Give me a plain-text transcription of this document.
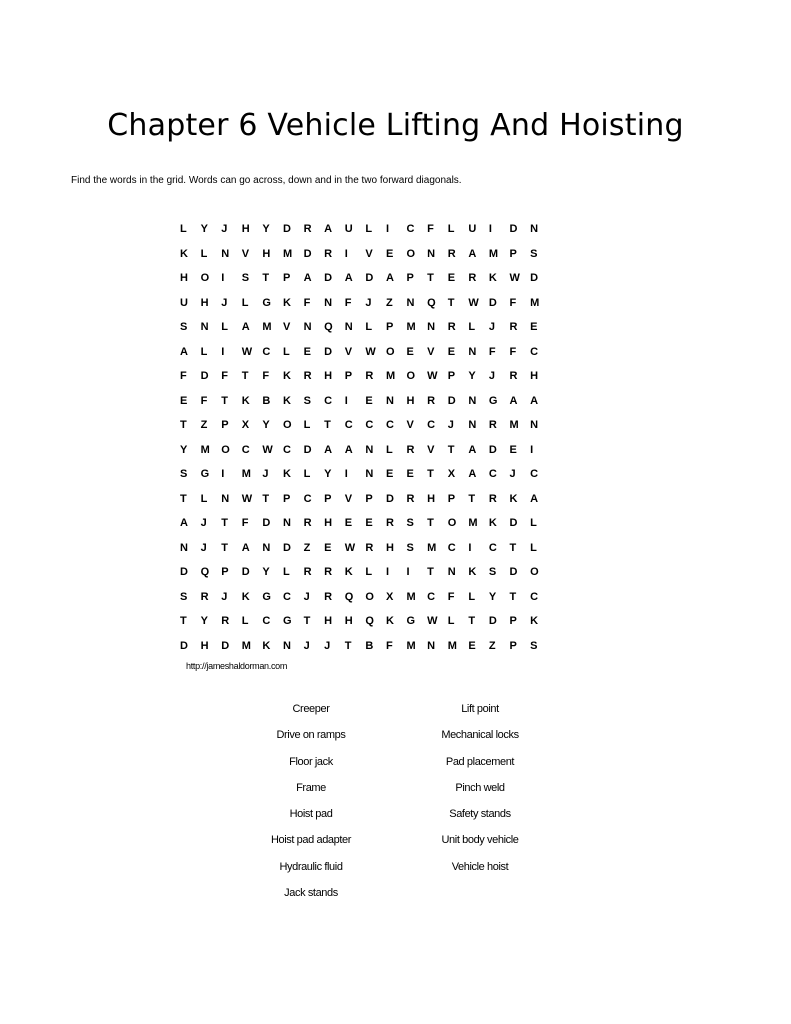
Chapter 6 Vehicle Lifting And Hoisting

Find the words in the grid. Words can go across, down and in the two forward diagonals.

L	Y	J	H	Y	D	R	A	U	L	I	C	F	L	U	I	D	N
K	L	N	V	H	M	D	R	I	V	E	O	N	R	A	M	P	S
H	O	I	S	T	P	A	D	A	D	A	P	T	E	R	K	W	D
U	H	J	L	G	K	F	N	F	J	Z	N	Q	T	W	D	F	M
S	N	L	A	M	V	N	Q	N	L	P	M	N	R	L	J	R	E
A	L	I	W	C	L	E	D	V	W	O	E	V	E	N	F	F	C
F	D	F	T	F	K	R	H	P	R	M	O	W	P	Y	J	R	H
E	F	T	K	B	K	S	C	I	E	N	H	R	D	N	G	A	A
T	Z	P	X	Y	O	L	T	C	C	C	V	C	J	N	R	M	N
Y	M	O	C	W	C	D	A	A	N	L	R	V	T	A	D	E	I
S	G	I	M	J	K	L	Y	I	N	E	E	T	X	A	C	J	C
T	L	N	W	T	P	C	P	V	P	D	R	H	P	T	R	K	A
A	J	T	F	D	N	R	H	E	E	R	S	T	O	M	K	D	L
N	J	T	A	N	D	Z	E	W	R	H	S	M	C	I	C	T	L
D	Q	P	D	Y	L	R	R	K	L	I	I	T	N	K	S	D	O
S	R	J	K	G	C	J	R	Q	O	X	M	C	F	L	Y	T	C
T	Y	R	L	C	G	T	H	H	Q	K	G	W	L	T	D	P	K
D	H	D	M	K	N	J	J	T	B	F	M	N	M	E	Z	P	S

http://jameshaldorman.com

Creeper
Drive on ramps
Floor jack
Frame
Hoist pad
Hoist pad adapter
Hydraulic fluid
Jack stands
Lift point
Mechanical locks
Pad placement
Pinch weld
Safety stands
Unit body vehicle
Vehicle hoist
